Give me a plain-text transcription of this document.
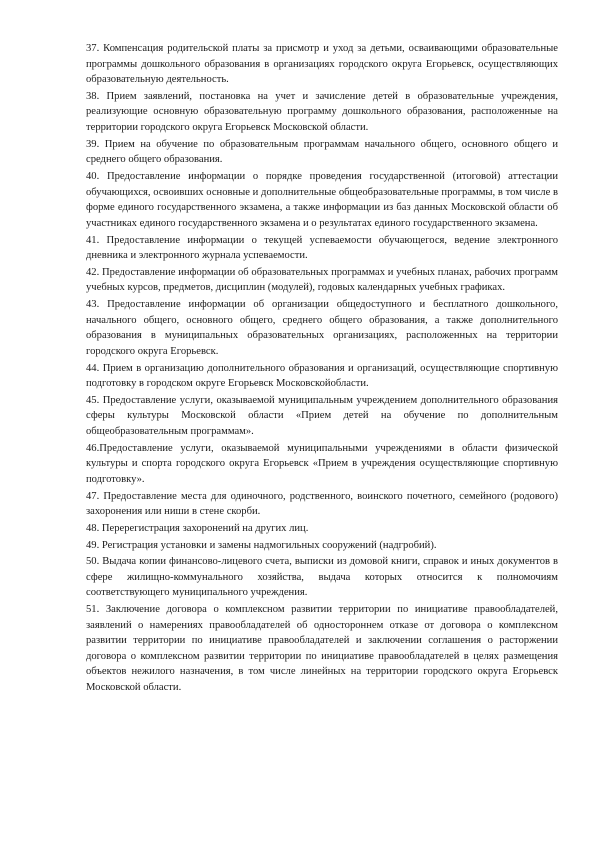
37. Компенсация родительской платы за присмотр и уход за детьми, осваивающими образовательные программы дошкольного образования в организациях городского округа Егорьевск, осуществляющих образовательную деятельность.

38. Прием заявлений, постановка на учет и зачисление детей в образовательные учреждения, реализующие основную образовательную программу дошкольного образования, расположенные на территории городского округа Егорьевск Московской области.

39. Прием на обучение по образовательным программам начального общего, основного общего и среднего общего образования.

40. Предоставление информации о порядке проведения государственной (итоговой) аттестации обучающихся, освоивших основные и дополнительные общеобразовательные программы, в том числе в форме единого государственного экзамена, а также информации из баз данных Московской области об участниках единого государственного экзамена и о результатах единого государственного экзамена.

41. Предоставление информации о текущей успеваемости обучающегося, ведение электронного дневника и электронного журнала успеваемости.

42. Предоставление информации об образовательных программах и учебных планах, рабочих программ учебных курсов, предметов, дисциплин (модулей), годовых календарных учебных графиках.

43. Предоставление информации об организации общедоступного и бесплатного дошкольного, начального общего, основного общего, среднего общего образования, а также дополнительного образования в муниципальных образовательных организациях, расположенных на территории городского округа Егорьевск.

44. Прием в организацию дополнительного образования и организаций, осуществляющие спортивную подготовку в городском округе Егорьевск Московскойобласти.

45. Предоставление услуги, оказываемой муниципальным учреждением дополнительного образования сферы культуры Московской области «Прием детей на обучение по дополнительным общеобразовательным программам».

46.Предоставление услуги, оказываемой муниципальными учреждениями в области физической культуры и спорта городского округа Егорьевск «Прием в учреждения осуществляющие спортивную подготовку».

47. Предоставление места для одиночного, родственного, воинского почетного, семейного (родового) захоронения или ниши в стене скорби.

48. Перерегистрация захоронений на других лиц.

49. Регистрация установки и замены надмогильных сооружений (надгробий).

50. Выдача копии финансово-лицевого счета, выписки из домовой книги, справок и иных документов в сфере жилищно-коммунального хозяйства, выдача которых относится к полномочиям соответствующего муниципального учреждения.

51. Заключение договора о комплексном развитии территории по инициативе правообладателей, заявлений о намерениях правообладателей об одностороннем отказе от договора о комплексном развитии территории по инициативе правообладателей и заключении соглашения о расторжении договора о комплексном развитии территории по инициативе правообладателей в целях размещения объектов нежилого назначения, в том числе линейных на территории городского округа Егорьевск Московской области.
